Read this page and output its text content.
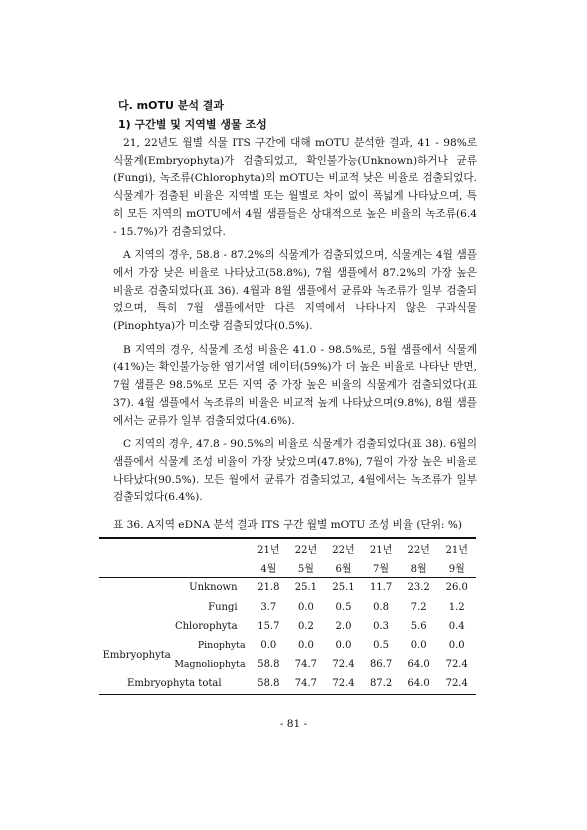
다. mOTU 분석 결과
1) 구간별 및 지역별 생물 조성

21, 22년도 월별 식물 ITS 구간에 대해 mOTU 분석한 결과, 41 - 98%로 식물계(Embryophyta)가 검출되었고, 확인불가능(Unknown)하거나 균류(Fungi), 녹조류(Chlorophyta)의 mOTU는 비교적 낮은 비율로 검출되었다. 식물계가 검출된 비율은 지역별 또는 월별로 차이 없이 폭넓게 나타났으며, 특히 모든 지역의 mOTU에서 4월 샘플들은 상대적으로 높은 비율의 녹조류(6.4 - 15.7%)가 검출되었다.

A 지역의 경우, 58.8 - 87.2%의 식물계가 검출되었으며, 식물계는 4월 샘플에서 가장 낮은 비율로 나타났고(58.8%), 7월 샘플에서 87.2%의 가장 높은 비율로 검출되었다(표 36). 4월과 8월 샘플에서 균류와 녹조류가 일부 검출되었으며, 특히 7월 샘플에서만 다른 지역에서 나타나지 않은 구과식물(Pinophtya)가 미소량 검출되었다(0.5%).

B 지역의 경우, 식물계 조성 비율은 41.0 - 98.5%로, 5월 샘플에서 식물계(41%)는 확인불가능한 염기서열 데이터(59%)가 더 높은 비율로 나타난 반면, 7월 샘플은 98.5%로 모든 지역 중 가장 높은 비율의 식물계가 검출되었다(표 37). 4월 샘플에서 녹조류의 비율은 비교적 높게 나타났으며(9.8%), 8월 샘플에서는 균류가 일부 검출되었다(4.6%).

C 지역의 경우, 47.8 - 90.5%의 비율로 식물계가 검출되었다(표 38). 6월의 샘플에서 식물계 조성 비율이 가장 낮았으며(47.8%), 7월이 가장 높은 비율로 나타났다(90.5%). 모든 월에서 균류가 검출되었고, 4월에서는 녹조류가 일부 검출되었다(6.4%).

표 36. A지역 eDNA 분석 결과 ITS 구간 월별 mOTU 조성 비율 (단위: %)
		21년	22년	22년	21년	22년	21년
		4월	5월	6월	7월	8월	9월
Unknown		21.8	25.1	25.1	11.7	23.2	26.0
Fungi		3.7	0.0	0.5	0.8	7.2	1.2
Chlorophyta		15.7	0.2	2.0	0.3	5.6	0.4
Embryophyta	Pinophyta	0.0	0.0	0.0	0.5	0.0	0.0
	Magnoliophyta	58.8	74.7	72.4	86.7	64.0	72.4
Embryophyta total		58.8	74.7	72.4	87.2	64.0	72.4
- 81 -
